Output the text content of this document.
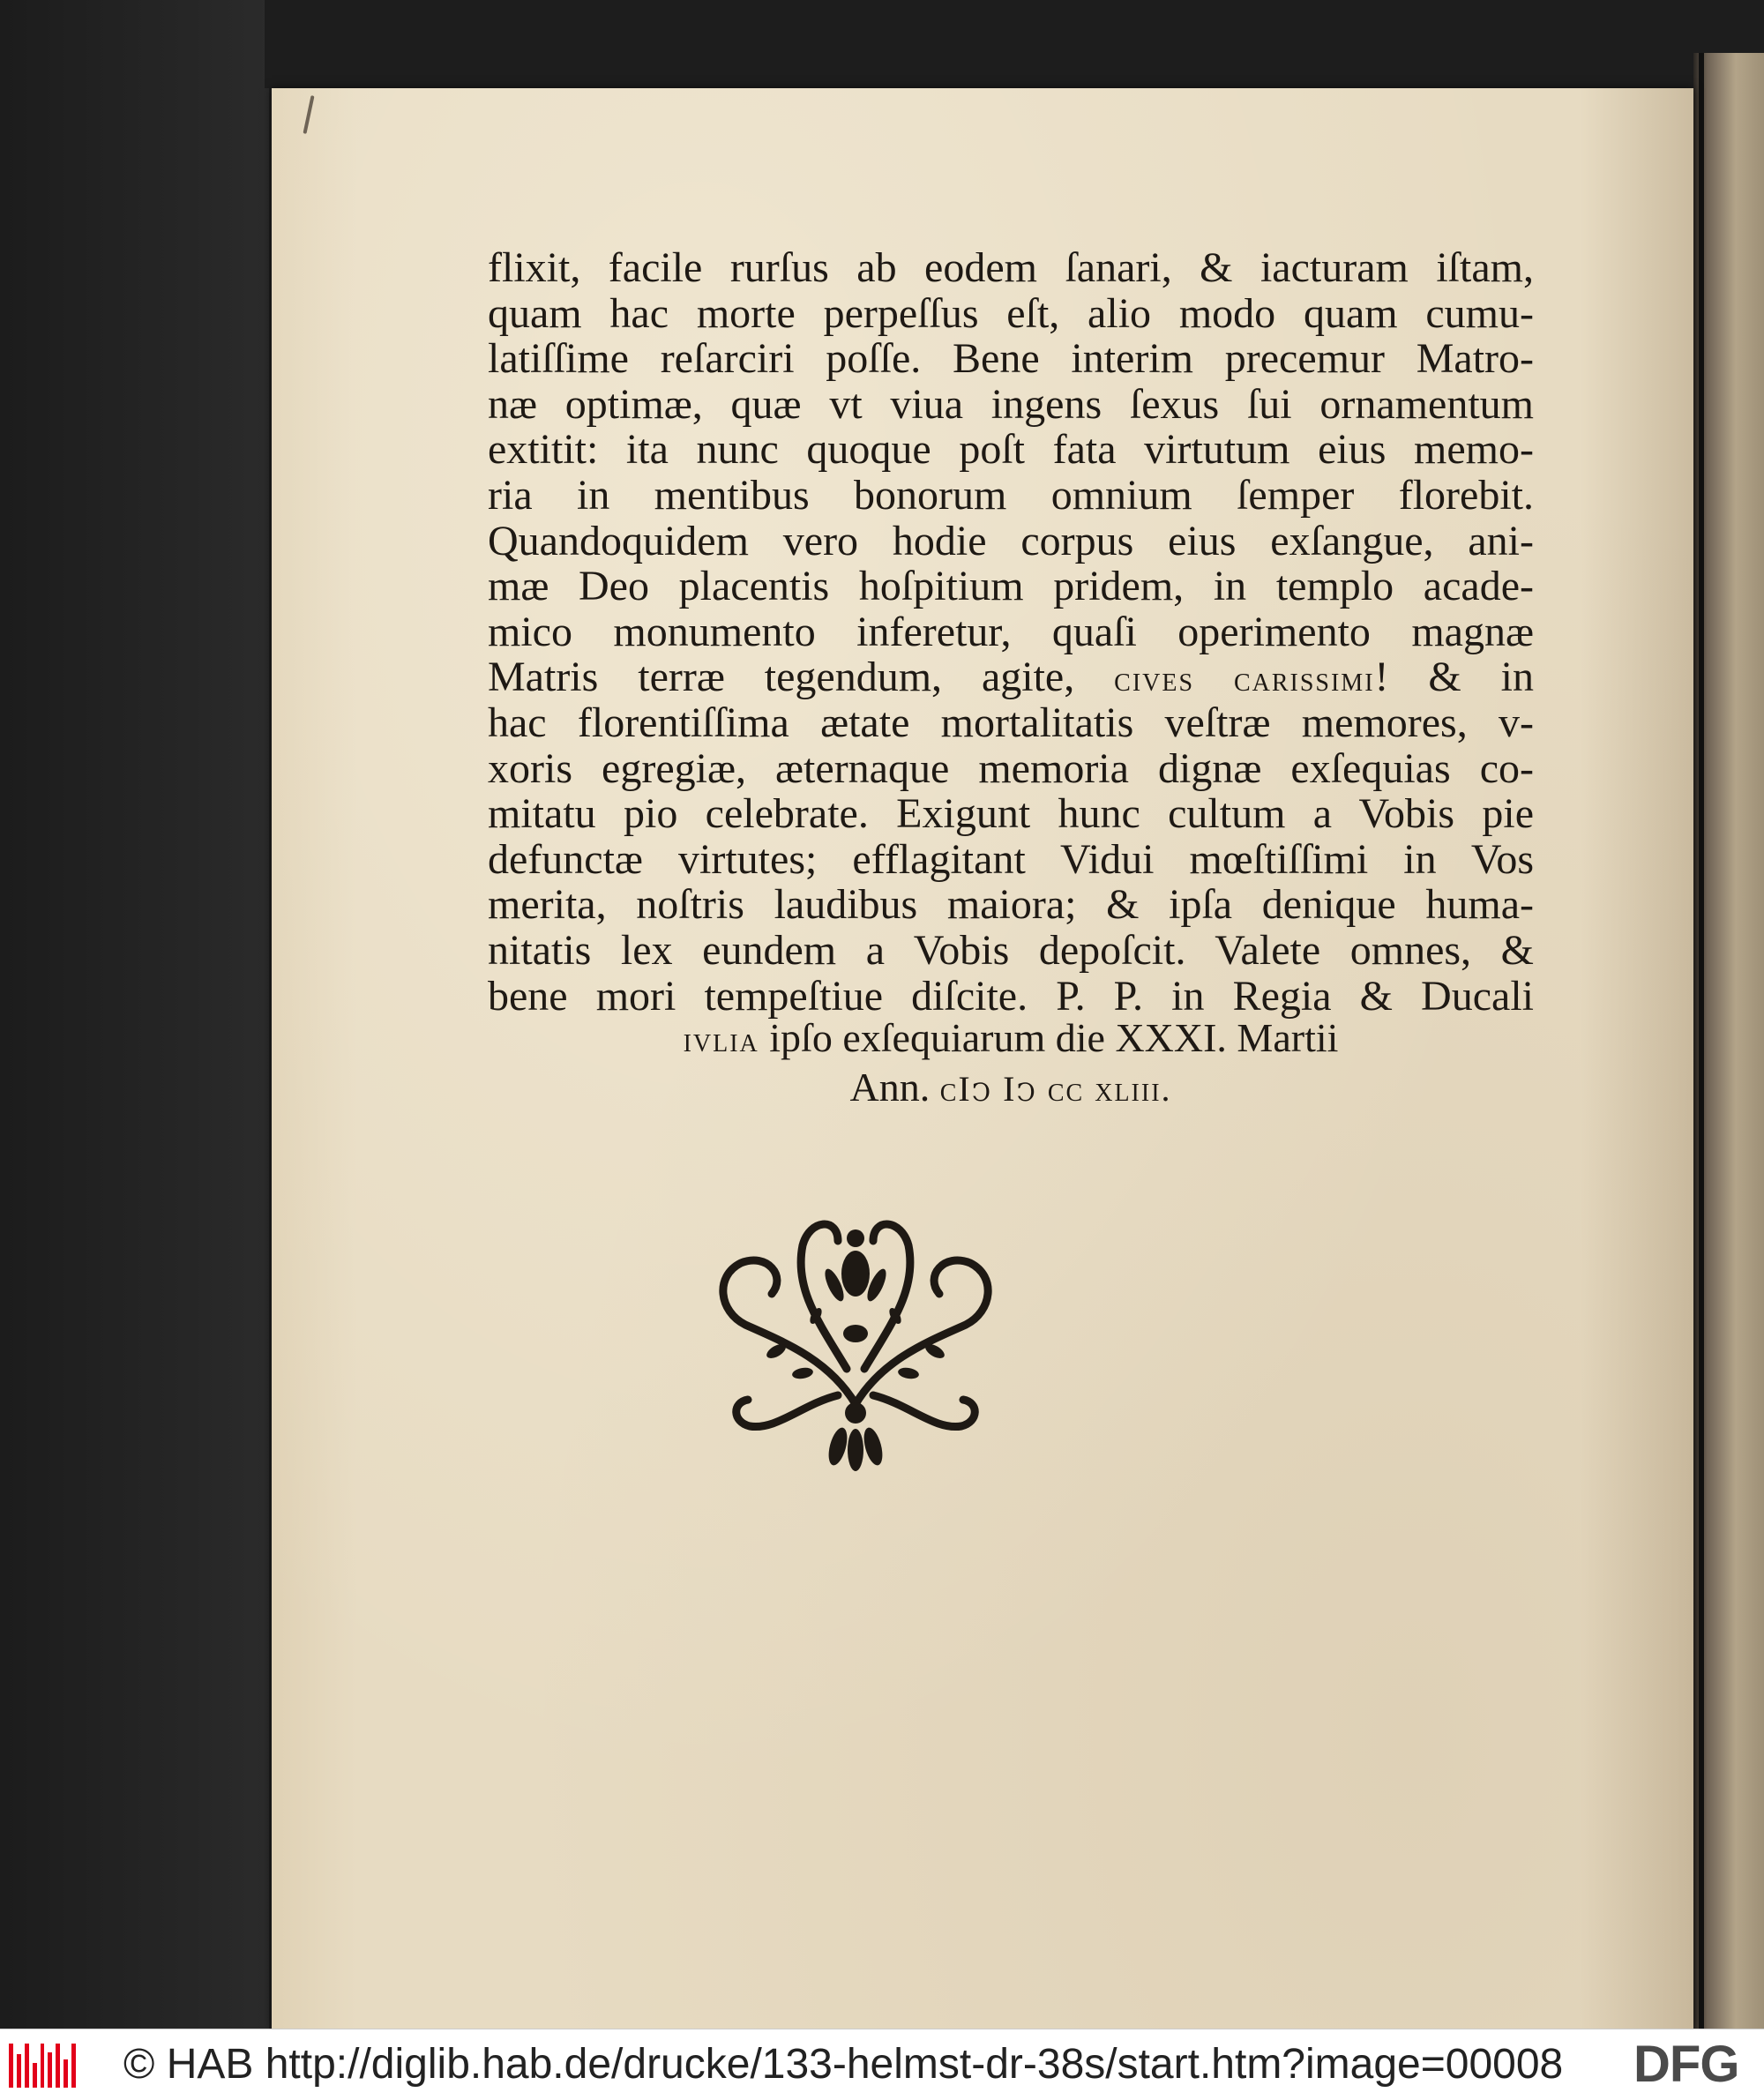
flixit, facile rurſus ab eodem ſanari, & iacturam iſtam,
quam hac morte perpeſſus eſt, alio modo quam cumu-
latiſſime reſarciri poſſe. Bene interim precemur Matro-
næ optimæ, quæ vt viua ingens ſexus ſui ornamentum
extitit: ita nunc quoque poſt fata virtutum eius memo-
ria in mentibus bonorum omnium ſemper florebit.
Quandoquidem vero hodie corpus eius exſangue, ani-
mæ Deo placentis hoſpitium pridem, in templo acade-
mico monumento inferetur, quaſi operimento magnæ
Matris terræ tegendum, agite, cives carissimi! & in
hac florentiſſima ætate mortalitatis veſtræ memores, v-
xoris egregiæ, æternaque memoria dignæ exſequias co-
mitatu pio celebrate. Exigunt hunc cultum a Vobis pie
defunctæ virtutes; efflagitant Vidui mœſtiſſimi in Vos
merita, noſtris laudibus maiora; & ipſa denique huma-
nitatis lex eundem a Vobis depoſcit. Valete omnes, &
bene mori tempeſtiue diſcite. P. P. in Regia & Ducali
ivlia ipſo exſequiarum die XXXI. Martii
Ann. cIↄ Iↄ cc xliii.
© HAB http://diglib.hab.de/drucke/133-helmst-dr-38s/start.htm?image=00008 DFG
